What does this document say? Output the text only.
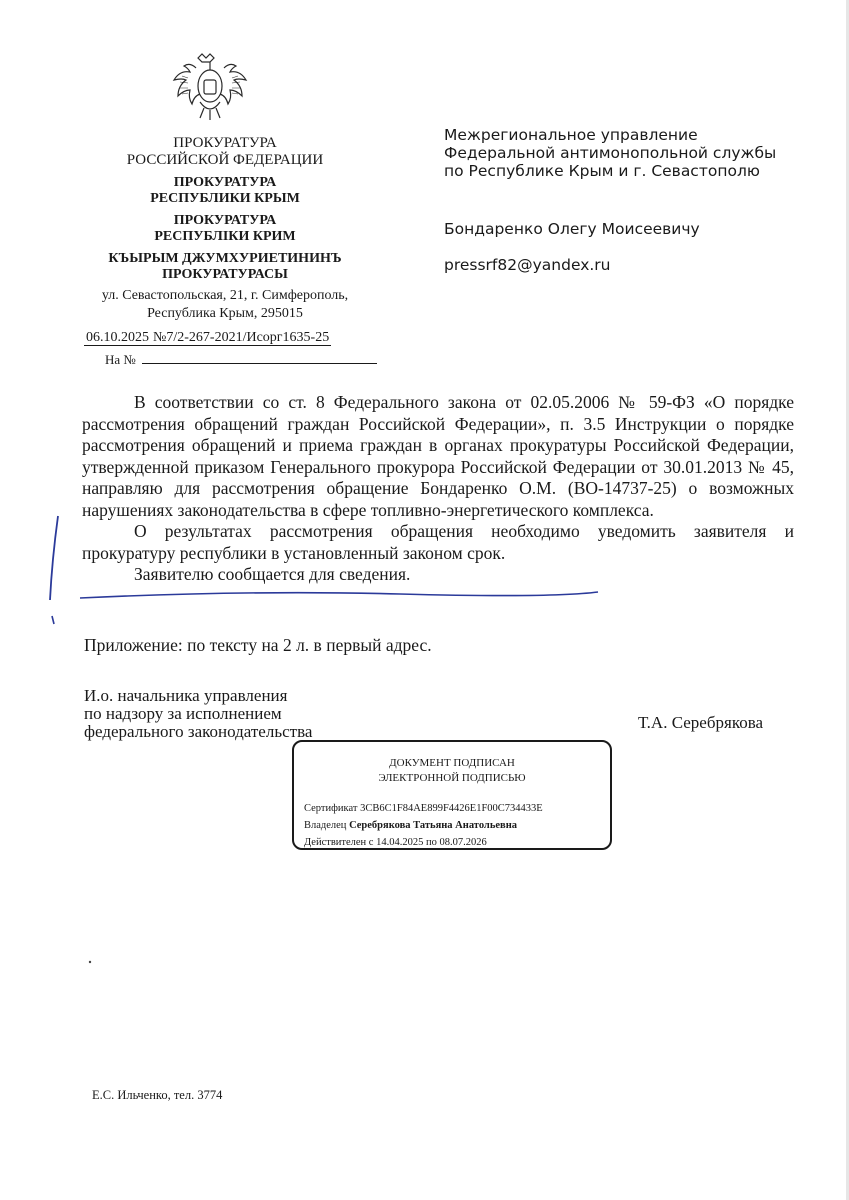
ПРОКУРАТУРА
РОССИЙСКОЙ ФЕДЕРАЦИИ
ПРОКУРАТУРА
РЕСПУБЛИКИ КРЫМ
ПРОКУРАТУРА
РЕСПУБЛІКИ КРИМ
КЪЫРЫМ ДЖУМХУРИЕТИНИНЪ
ПРОКУРАТУРАСЫ
ул. Севастопольская, 21, г. Симферополь,
Республика Крым, 295015
06.10.2025 №7/2-267-2021/Исорг1635-25
На №
Межрегиональное управление
Федеральной антимонопольной службы
по Республике Крым и г. Севастополю
Бондаренко Олегу Моисеевичу
pressrf82@yandex.ru

В соответствии со ст. 8 Федерального закона от 02.05.2006 № 59-ФЗ «О порядке рассмотрения обращений граждан Российской Федерации», п. 3.5 Инструкции о порядке рассмотрения обращений и приема граждан в органах прокуратуры Российской Федерации, утвержденной приказом Генерального прокурора Российской Федерации от 30.01.2013 № 45, направляю для рассмотрения обращение Бондаренко О.М. (ВО-14737-25) о возможных нарушениях законодательства в сфере топливно-энергетического комплекса.

О результатах рассмотрения обращения необходимо уведомить заявителя и прокуратуру республики в установленный законом срок.

Заявителю сообщается для сведения.

Приложение: по тексту на 2 л. в первый адрес.
И.о. начальника управления
по надзору за исполнением
федерального законодательства	Т.А. Серебрякова
ДОКУМЕНТ ПОДПИСАН
ЭЛЕКТРОННОЙ ПОДПИСЬЮ
Сертификат 3CB6C1F84AE899F4426E1F00C734433E
Владелец Серебрякова Татьяна Анатольевна
Действителен с 14.04.2025 по 08.07.2026
Е.С. Ильченко, тел. 3774
